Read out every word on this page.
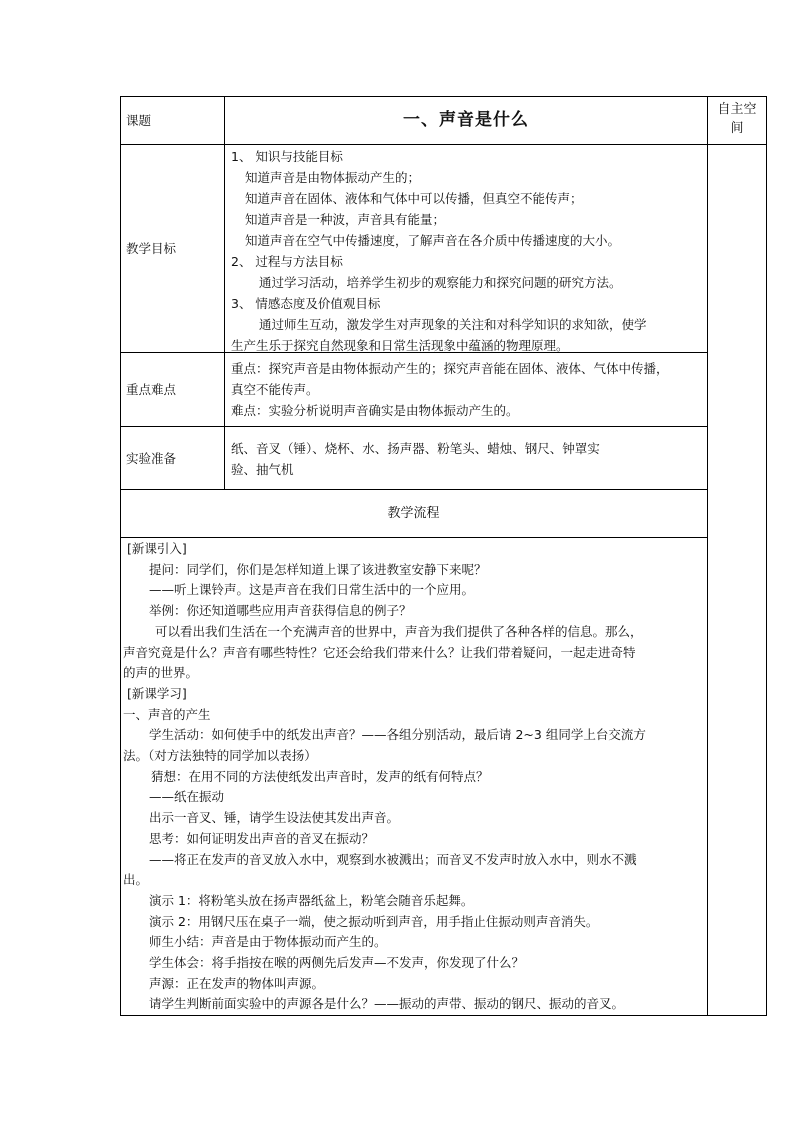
课题	一、声音是什么	自主空
间
教学目标
1、 知识与技能目标
知道声音是由物体振动产生的；
知道声音在固体、液体和气体中可以传播，但真空不能传声；
知道声音是一种波，声音具有能量；
知道声音在空气中传播速度，了解声音在各介质中传播速度的大小。
2、 过程与方法目标
通过学习活动，培养学生初步的观察能力和探究问题的研究方法。
3、 情感态度及价值观目标
通过师生互动，激发学生对声现象的关注和对科学知识的求知欲，使学
生产生乐于探究自然现象和日常生活现象中蕴涵的物理原理。
重点难点
重点：探究声音是由物体振动产生的；探究声音能在固体、液体、气体中传播，
真空不能传声。
难点：实验分析说明声音确实是由物体振动产生的。
实验准备
纸、音叉（锤）、烧杯、水、扬声器、粉笔头、蜡烛、钢尺、钟罩实
验、抽气机
教学流程
[新课引入]
提问：同学们，你们是怎样知道上课了该进教室安静下来呢？
——听上课铃声。这是声音在我们日常生活中的一个应用。
举例：你还知道哪些应用声音获得信息的例子？
可以看出我们生活在一个充满声音的世界中，声音为我们提供了各种各样的信息。那么，
声音究竟是什么？声音有哪些特性？它还会给我们带来什么？让我们带着疑问，一起走进奇特
的声的世界。
[新课学习]
一、声音的产生
学生活动：如何使手中的纸发出声音？——各组分别活动，最后请 2~3 组同学上台交流方
法。（对方法独特的同学加以表扬）
猜想：在用不同的方法使纸发出声音时，发声的纸有何特点？
——纸在振动
出示一音叉、锤，请学生设法使其发出声音。
思考：如何证明发出声音的音叉在振动？
——将正在发声的音叉放入水中，观察到水被溅出；而音叉不发声时放入水中，则水不溅
出。
演示 1：将粉笔头放在扬声器纸盆上，粉笔会随音乐起舞。
演示 2：用钢尺压在桌子一端，使之振动听到声音，用手指止住振动则声音消失。
师生小结：声音是由于物体振动而产生的。
学生体会：将手指按在喉的两侧先后发声—不发声，你发现了什么？
声源：正在发声的物体叫声源。
请学生判断前面实验中的声源各是什么？——振动的声带、振动的钢尺、振动的音叉。
